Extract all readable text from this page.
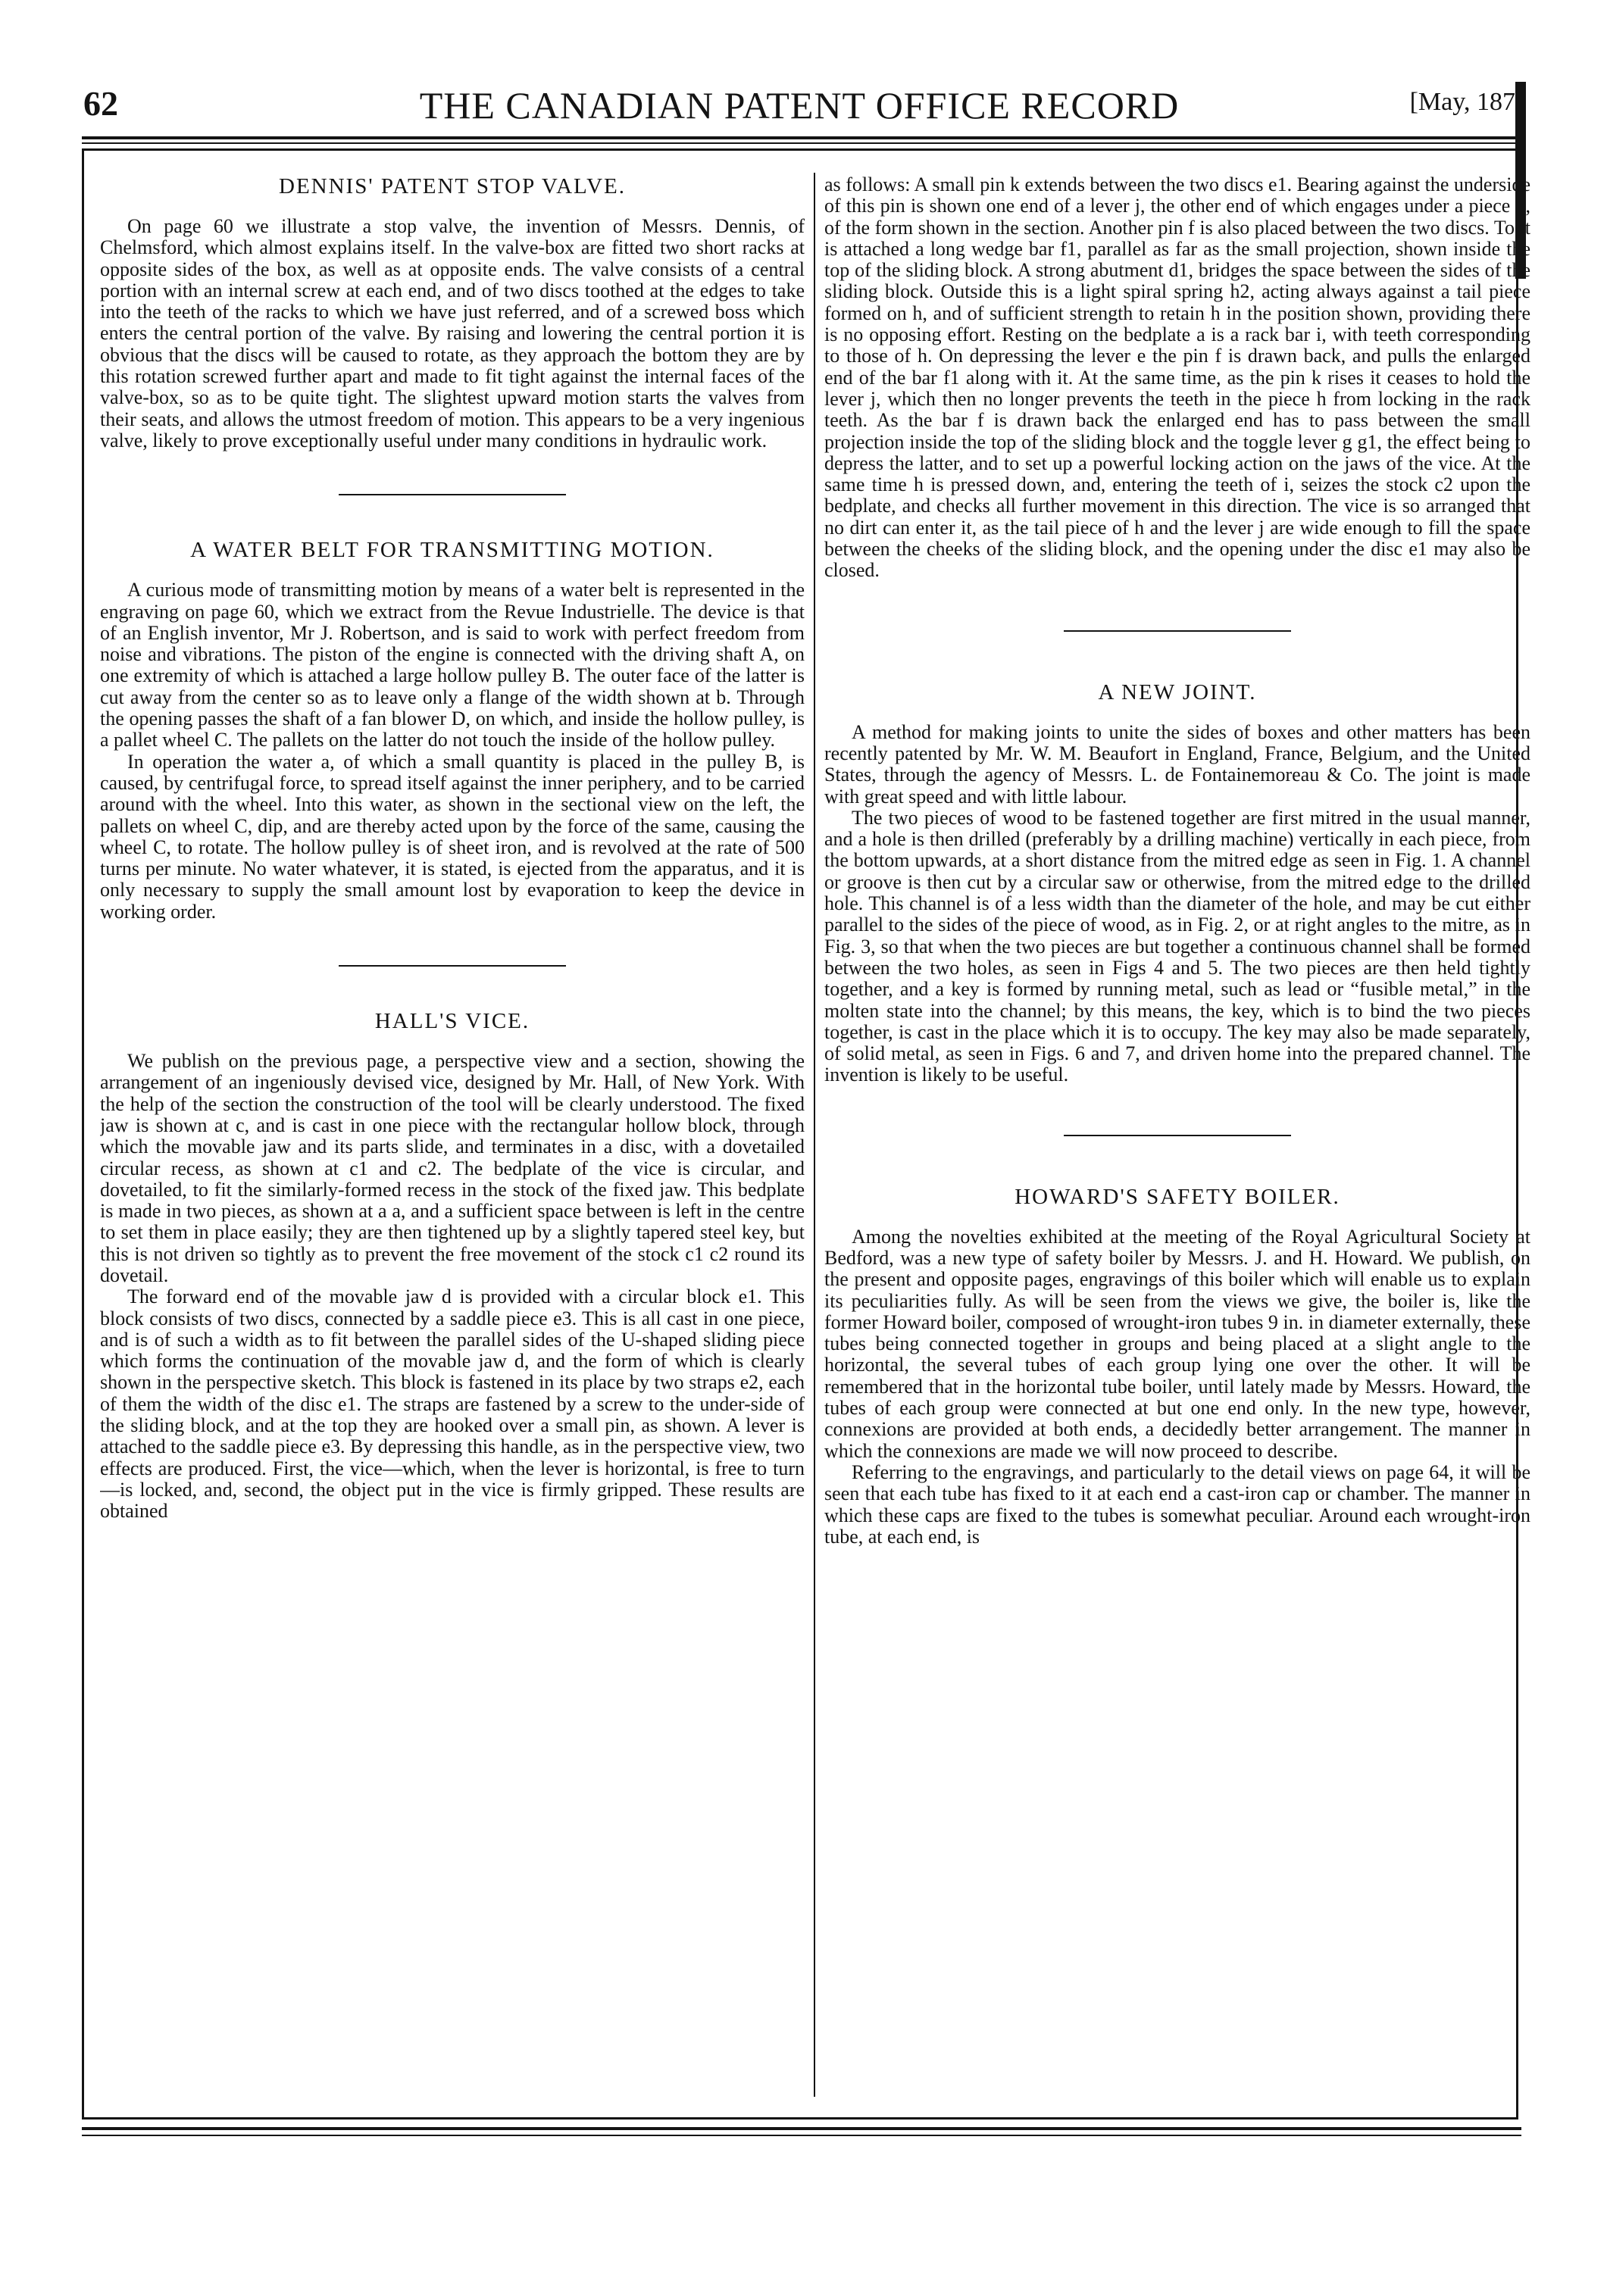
62	THE CANADIAN PATENT OFFICE RECORD	[May, 187
DENNIS' PATENT STOP VALVE.

On page 60 we illustrate a stop valve, the invention of Messrs. Dennis, of Chelmsford, which almost explains itself. In the valve-box are fitted two short racks at opposite sides of the box, as well as at opposite ends. The valve consists of a central portion with an internal screw at each end, and of two discs toothed at the edges to take into the teeth of the racks to which we have just referred, and of a screwed boss which enters the central portion of the valve. By raising and lowering the central portion it is obvious that the discs will be caused to rotate, as they approach the bottom they are by this rotation screwed further apart and made to fit tight against the internal faces of the valve-box, so as to be quite tight. The slightest upward motion starts the valves from their seats, and allows the utmost freedom of motion. This appears to be a very ingenious valve, likely to prove exceptionally useful under many conditions in hydraulic work.

A WATER BELT FOR TRANSMITTING MOTION.

A curious mode of transmitting motion by means of a water belt is represented in the engraving on page 60, which we extract from the Revue Industrielle. The device is that of an English inventor, Mr J. Robertson, and is said to work with perfect freedom from noise and vibrations. The piston of the engine is connected with the driving shaft A, on one extremity of which is attached a large hollow pulley B. The outer face of the latter is cut away from the center so as to leave only a flange of the width shown at b. Through the opening passes the shaft of a fan blower D, on which, and inside the hollow pulley, is a pallet wheel C. The pallets on the latter do not touch the inside of the hollow pulley.

In operation the water a, of which a small quantity is placed in the pulley B, is caused, by centrifugal force, to spread itself against the inner periphery, and to be carried around with the wheel. Into this water, as shown in the sectional view on the left, the pallets on wheel C, dip, and are thereby acted upon by the force of the same, causing the wheel C, to rotate. The hollow pulley is of sheet iron, and is revolved at the rate of 500 turns per minute. No water whatever, it is stated, is ejected from the apparatus, and it is only necessary to supply the small amount lost by evaporation to keep the device in working order.

HALL'S VICE.

We publish on the previous page, a perspective view and a section, showing the arrangement of an ingeniously devised vice, designed by Mr. Hall, of New York. With the help of the section the construction of the tool will be clearly understood. The fixed jaw is shown at c, and is cast in one piece with the rectangular hollow block, through which the movable jaw and its parts slide, and terminates in a disc, with a dovetailed circular recess, as shown at c1 and c2. The bedplate of the vice is circular, and dovetailed, to fit the similarly-formed recess in the stock of the fixed jaw. This bedplate is made in two pieces, as shown at a a, and a sufficient space between is left in the centre to set them in place easily; they are then tightened up by a slightly tapered steel key, but this is not driven so tightly as to prevent the free movement of the stock c1 c2 round its dovetail.

The forward end of the movable jaw d is provided with a circular block e1. This block consists of two discs, connected by a saddle piece e3. This is all cast in one piece, and is of such a width as to fit between the parallel sides of the U-shaped sliding piece which forms the continuation of the movable jaw d, and the form of which is clearly shown in the perspective sketch. This block is fastened in its place by two straps e2, each of them the width of the disc e1. The straps are fastened by a screw to the under-side of the sliding block, and at the top they are hooked over a small pin, as shown. A lever is attached to the saddle piece e3. By depressing this handle, as in the perspective view, two effects are produced. First, the vice—which, when the lever is horizontal, is free to turn—is locked, and, second, the object put in the vice is firmly gripped. These results are obtained

as follows: A small pin k extends between the two discs e1. Bearing against the underside of this pin is shown one end of a lever j, the other end of which engages under a piece h, of the form shown in the section. Another pin f is also placed between the two discs. To it is attached a long wedge bar f1, parallel as far as the small projection, shown inside the top of the sliding block. A strong abutment d1, bridges the space between the sides of the sliding block. Outside this is a light spiral spring h2, acting always against a tail piece formed on h, and of sufficient strength to retain h in the position shown, providing there is no opposing effort. Resting on the bedplate a is a rack bar i, with teeth corresponding to those of h. On depressing the lever e the pin f is drawn back, and pulls the enlarged end of the bar f1 along with it. At the same time, as the pin k rises it ceases to hold the lever j, which then no longer prevents the teeth in the piece h from locking in the rack teeth. As the bar f is drawn back the enlarged end has to pass between the small projection inside the top of the sliding block and the toggle lever g g1, the effect being to depress the latter, and to set up a powerful locking action on the jaws of the vice. At the same time h is pressed down, and, entering the teeth of i, seizes the stock c2 upon the bedplate, and checks all further movement in this direction. The vice is so arranged that no dirt can enter it, as the tail piece of h and the lever j are wide enough to fill the space between the cheeks of the sliding block, and the opening under the disc e1 may also be closed.

A NEW JOINT.

A method for making joints to unite the sides of boxes and other matters has been recently patented by Mr. W. M. Beaufort in England, France, Belgium, and the United States, through the agency of Messrs. L. de Fontainemoreau & Co. The joint is made with great speed and with little labour.

The two pieces of wood to be fastened together are first mitred in the usual manner, and a hole is then drilled (preferably by a drilling machine) vertically in each piece, from the bottom upwards, at a short distance from the mitred edge as seen in Fig. 1. A channel or groove is then cut by a circular saw or otherwise, from the mitred edge to the drilled hole. This channel is of a less width than the diameter of the hole, and may be cut either parallel to the sides of the piece of wood, as in Fig. 2, or at right angles to the mitre, as in Fig. 3, so that when the two pieces are but together a continuous channel shall be formed between the two holes, as seen in Figs 4 and 5. The two pieces are then held tightly together, and a key is formed by running metal, such as lead or “fusible metal,” in the molten state into the channel; by this means, the key, which is to bind the two pieces together, is cast in the place which it is to occupy. The key may also be made separately, of solid metal, as seen in Figs. 6 and 7, and driven home into the prepared channel. The invention is likely to be useful.

HOWARD'S SAFETY BOILER.

Among the novelties exhibited at the meeting of the Royal Agricultural Society at Bedford, was a new type of safety boiler by Messrs. J. and H. Howard. We publish, on the present and opposite pages, engravings of this boiler which will enable us to explain its peculiarities fully. As will be seen from the views we give, the boiler is, like the former Howard boiler, composed of wrought-iron tubes 9 in. in diameter externally, these tubes being connected together in groups and being placed at a slight angle to the horizontal, the several tubes of each group lying one over the other. It will be remembered that in the horizontal tube boiler, until lately made by Messrs. Howard, the tubes of each group were connected at but one end only. In the new type, however, connexions are provided at both ends, a decidedly better arrangement. The manner in which the connexions are made we will now proceed to describe.

Referring to the engravings, and particularly to the detail views on page 64, it will be seen that each tube has fixed to it at each end a cast-iron cap or chamber. The manner in which these caps are fixed to the tubes is somewhat peculiar. Around each wrought-iron tube, at each end, is
